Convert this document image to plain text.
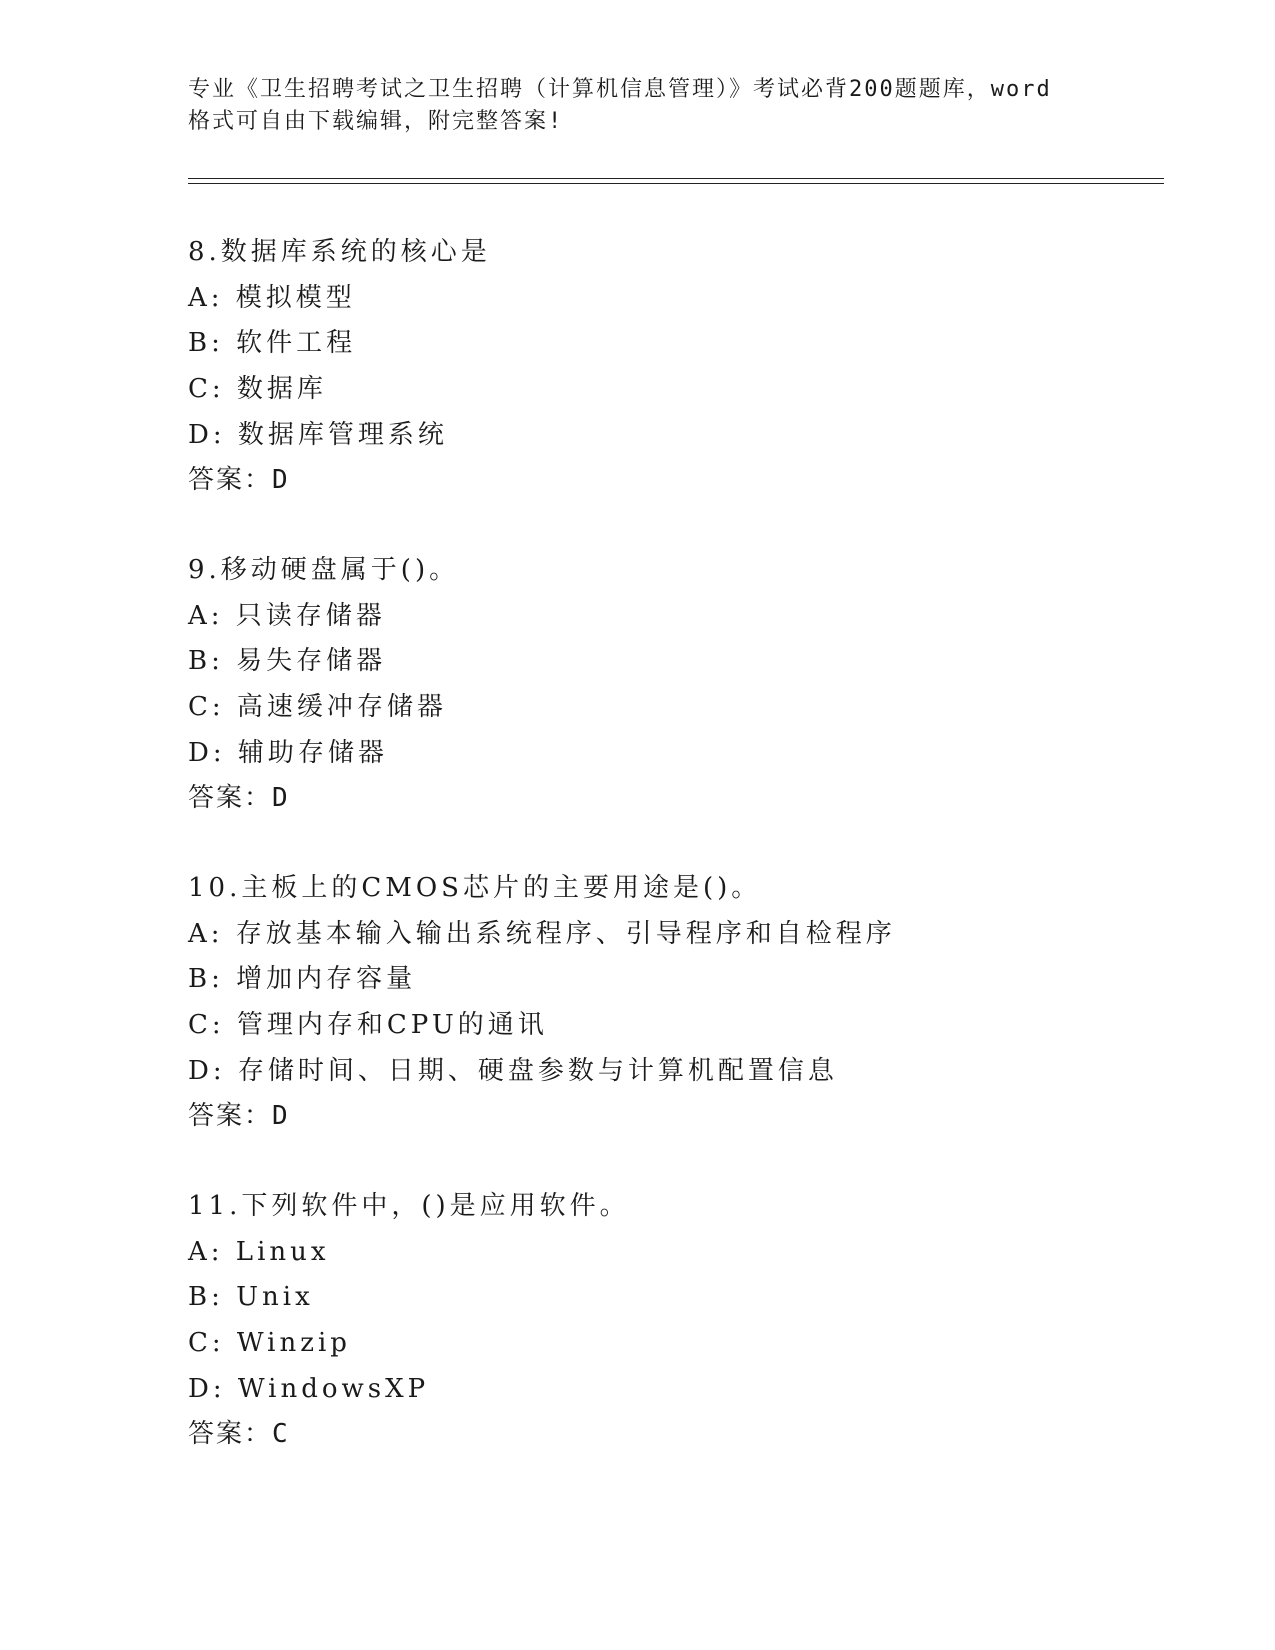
专业《卫生招聘考试之卫生招聘（计算机信息管理）》考试必背200题题库，word
格式可自由下载编辑，附完整答案!
8.数据库系统的核心是
A: 模拟模型
B: 软件工程
C: 数据库
D: 数据库管理系统
答案：D
9.移动硬盘属于()。
A: 只读存储器
B: 易失存储器
C: 高速缓冲存储器
D: 辅助存储器
答案：D
10.主板上的CMOS芯片的主要用途是()。
A: 存放基本输入输出系统程序、引导程序和自检程序
B: 增加内存容量
C: 管理内存和CPU的通讯
D: 存储时间、日期、硬盘参数与计算机配置信息
答案：D
11.下列软件中，()是应用软件。
A: Linux
B: Unix
C: Winzip
D: WindowsXP
答案：C
